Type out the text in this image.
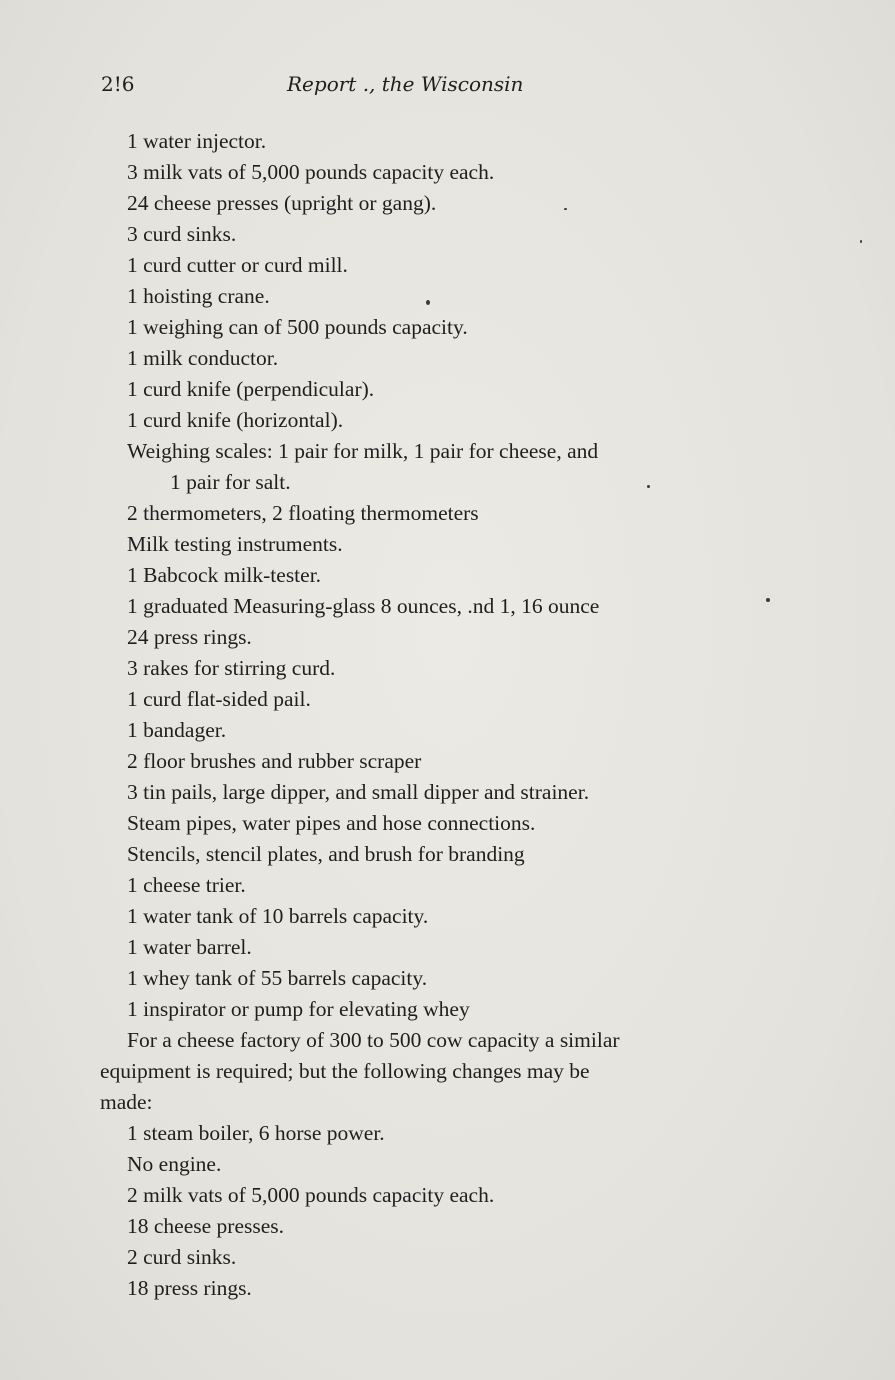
2!6	Report ., the Wisconsin
1 water injector.
3 milk vats of 5,000 pounds capacity each.
24 cheese presses (upright or gang).
3 curd sinks.
1 curd cutter or curd mill.
1 hoisting crane.
1 weighing can of 500 pounds capacity.
1 milk conductor.
1 curd knife (perpendicular).
1 curd knife (horizontal).
Weighing scales: 1 pair for milk, 1 pair for cheese, and
1 pair for salt.
2 thermometers, 2 floating thermometers
Milk testing instruments.
1 Babcock milk-tester.
1 graduated Measuring-glass 8 ounces, .nd 1, 16 ounce
24 press rings.
3 rakes for stirring curd.
1 curd flat-sided pail.
1 bandager.
2 floor brushes and rubber scraper
3 tin pails, large dipper, and small dipper and strainer.
Steam pipes, water pipes and hose connections.
Stencils, stencil plates, and brush for branding
1 cheese trier.
1 water tank of 10 barrels capacity.
1 water barrel.
1 whey tank of 55 barrels capacity.
1 inspirator or pump for elevating whey
For a cheese factory of 300 to 500 cow capacity a similar
equipment is required; but the following changes may be
made:
1 steam boiler, 6 horse power.
No engine.
2 milk vats of 5,000 pounds capacity each.
18 cheese presses.
2 curd sinks.
18 press rings.
